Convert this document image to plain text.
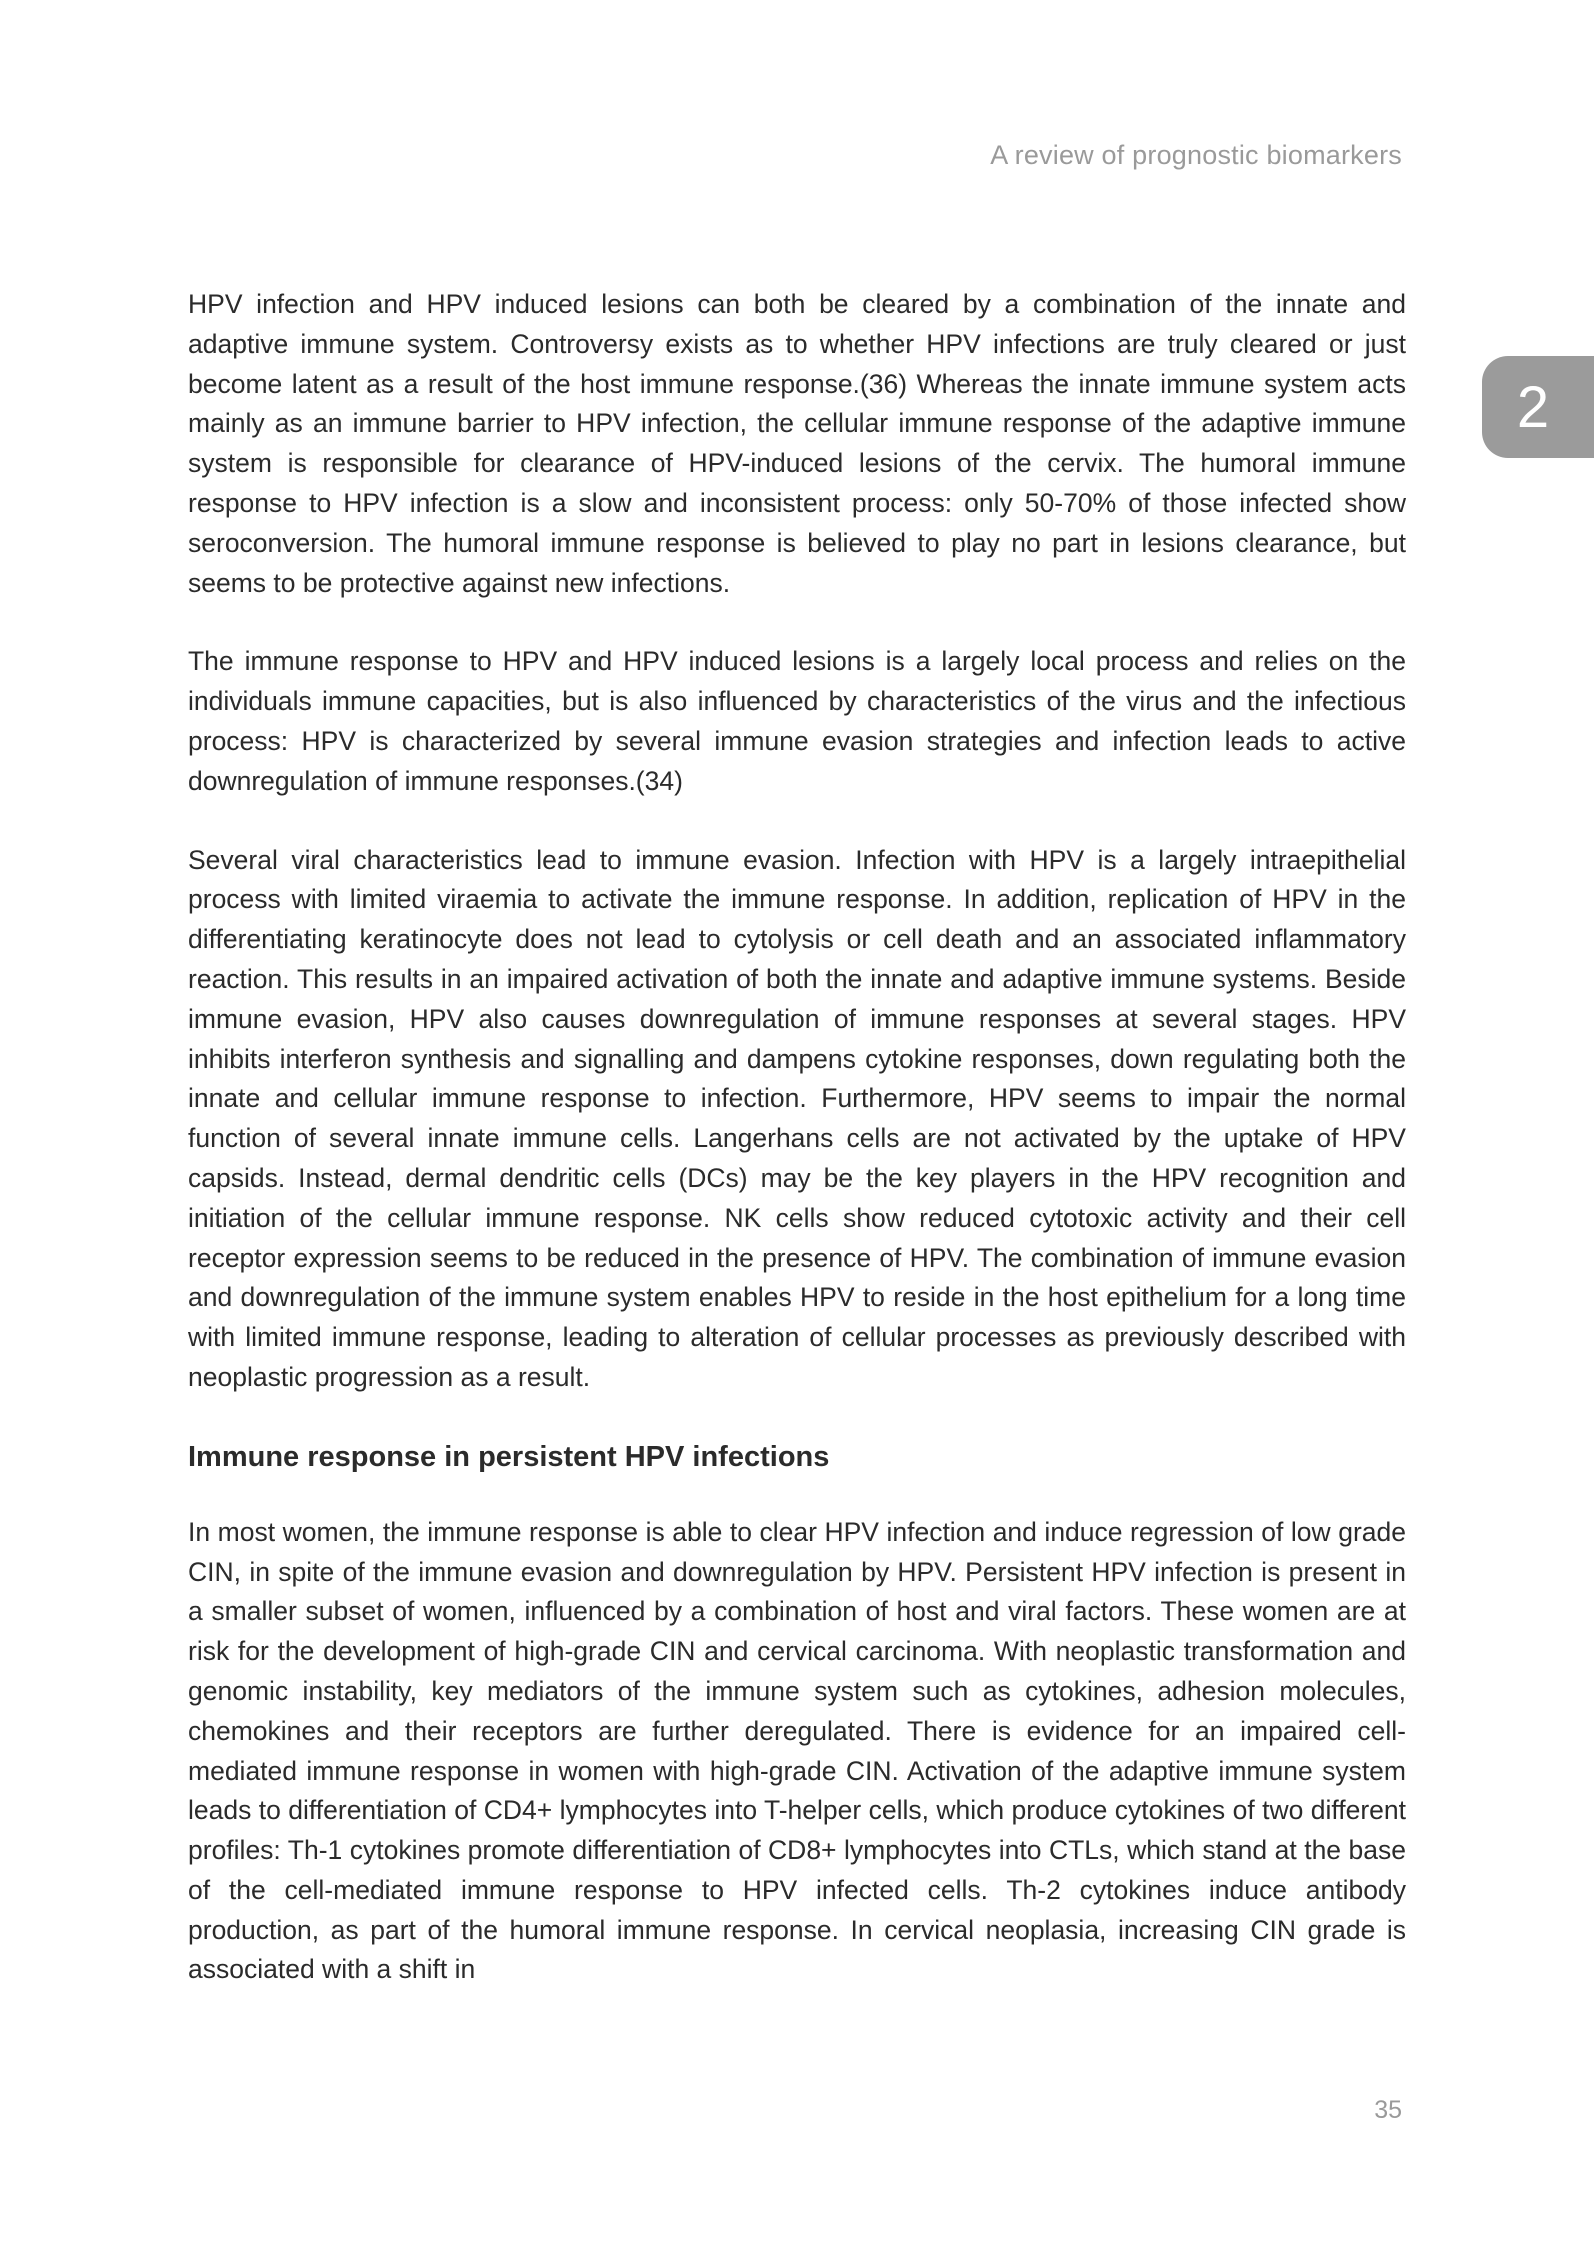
A review of prognostic biomarkers
2

HPV infection and HPV induced lesions can both be cleared by a combination of the innate and adaptive immune system. Controversy exists as to whether HPV infections are truly cleared or just become latent as a result of the host immune response.(36) Whereas the innate immune system acts mainly as an immune barrier to HPV infection, the cellular immune response of the adaptive immune system is responsible for clearance of HPV-induced lesions of the cervix. The humoral immune response to HPV infection is a slow and inconsistent process: only 50-70% of those infected show seroconversion. The humoral immune response is believed to play no part in lesions clearance, but seems to be protective against new infections.

The immune response to HPV and HPV induced lesions is a largely local process and relies on the individuals immune capacities, but is also influenced by characteristics of the virus and the infectious process: HPV is characterized by several immune evasion strategies and infection leads to active downregulation of immune responses.(34)

Several viral characteristics lead to immune evasion. Infection with HPV is a largely intraepithelial process with limited viraemia to activate the immune response. In addition, replication of HPV in the differentiating keratinocyte does not lead to cytolysis or cell death and an associated inflammatory reaction. This results in an impaired activation of both the innate and adaptive immune systems. Beside immune evasion, HPV also causes downregulation of immune responses at several stages. HPV inhibits interferon synthesis and signalling and dampens cytokine responses, down regulating both the innate and cellular immune response to infection. Furthermore, HPV seems to impair the normal function of several innate immune cells. Langerhans cells are not activated by the uptake of HPV capsids. Instead, dermal dendritic cells (DCs) may be the key players in the HPV recognition and initiation of the cellular immune response. NK cells show reduced cytotoxic activity and their cell receptor expression seems to be reduced in the presence of HPV. The combination of immune evasion and downregulation of the immune system enables HPV to reside in the host epithelium for a long time with limited immune response, leading to alteration of cellular processes as previously described with neoplastic progression as a result.

Immune response in persistent HPV infections

In most women, the immune response is able to clear HPV infection and induce regression of low grade CIN, in spite of the immune evasion and downregulation by HPV. Persistent HPV infection is present in a smaller subset of women, influenced by a combination of host and viral factors. These women are at risk for the development of high-grade CIN and cervical carcinoma. With neoplastic transformation and genomic instability, key mediators of the immune system such as cytokines, adhesion molecules, chemokines and their receptors are further deregulated. There is evidence for an impaired cell-mediated immune response in women with high-grade CIN. Activation of the adaptive immune system leads to differentiation of CD4+ lymphocytes into T-helper cells, which produce cytokines of two different profiles: Th-1 cytokines promote differentiation of CD8+ lymphocytes into CTLs, which stand at the base of the cell-mediated immune response to HPV infected cells. Th-2 cytokines induce antibody production, as part of the humoral immune response. In cervical neoplasia, increasing CIN grade is associated with a shift in

35
